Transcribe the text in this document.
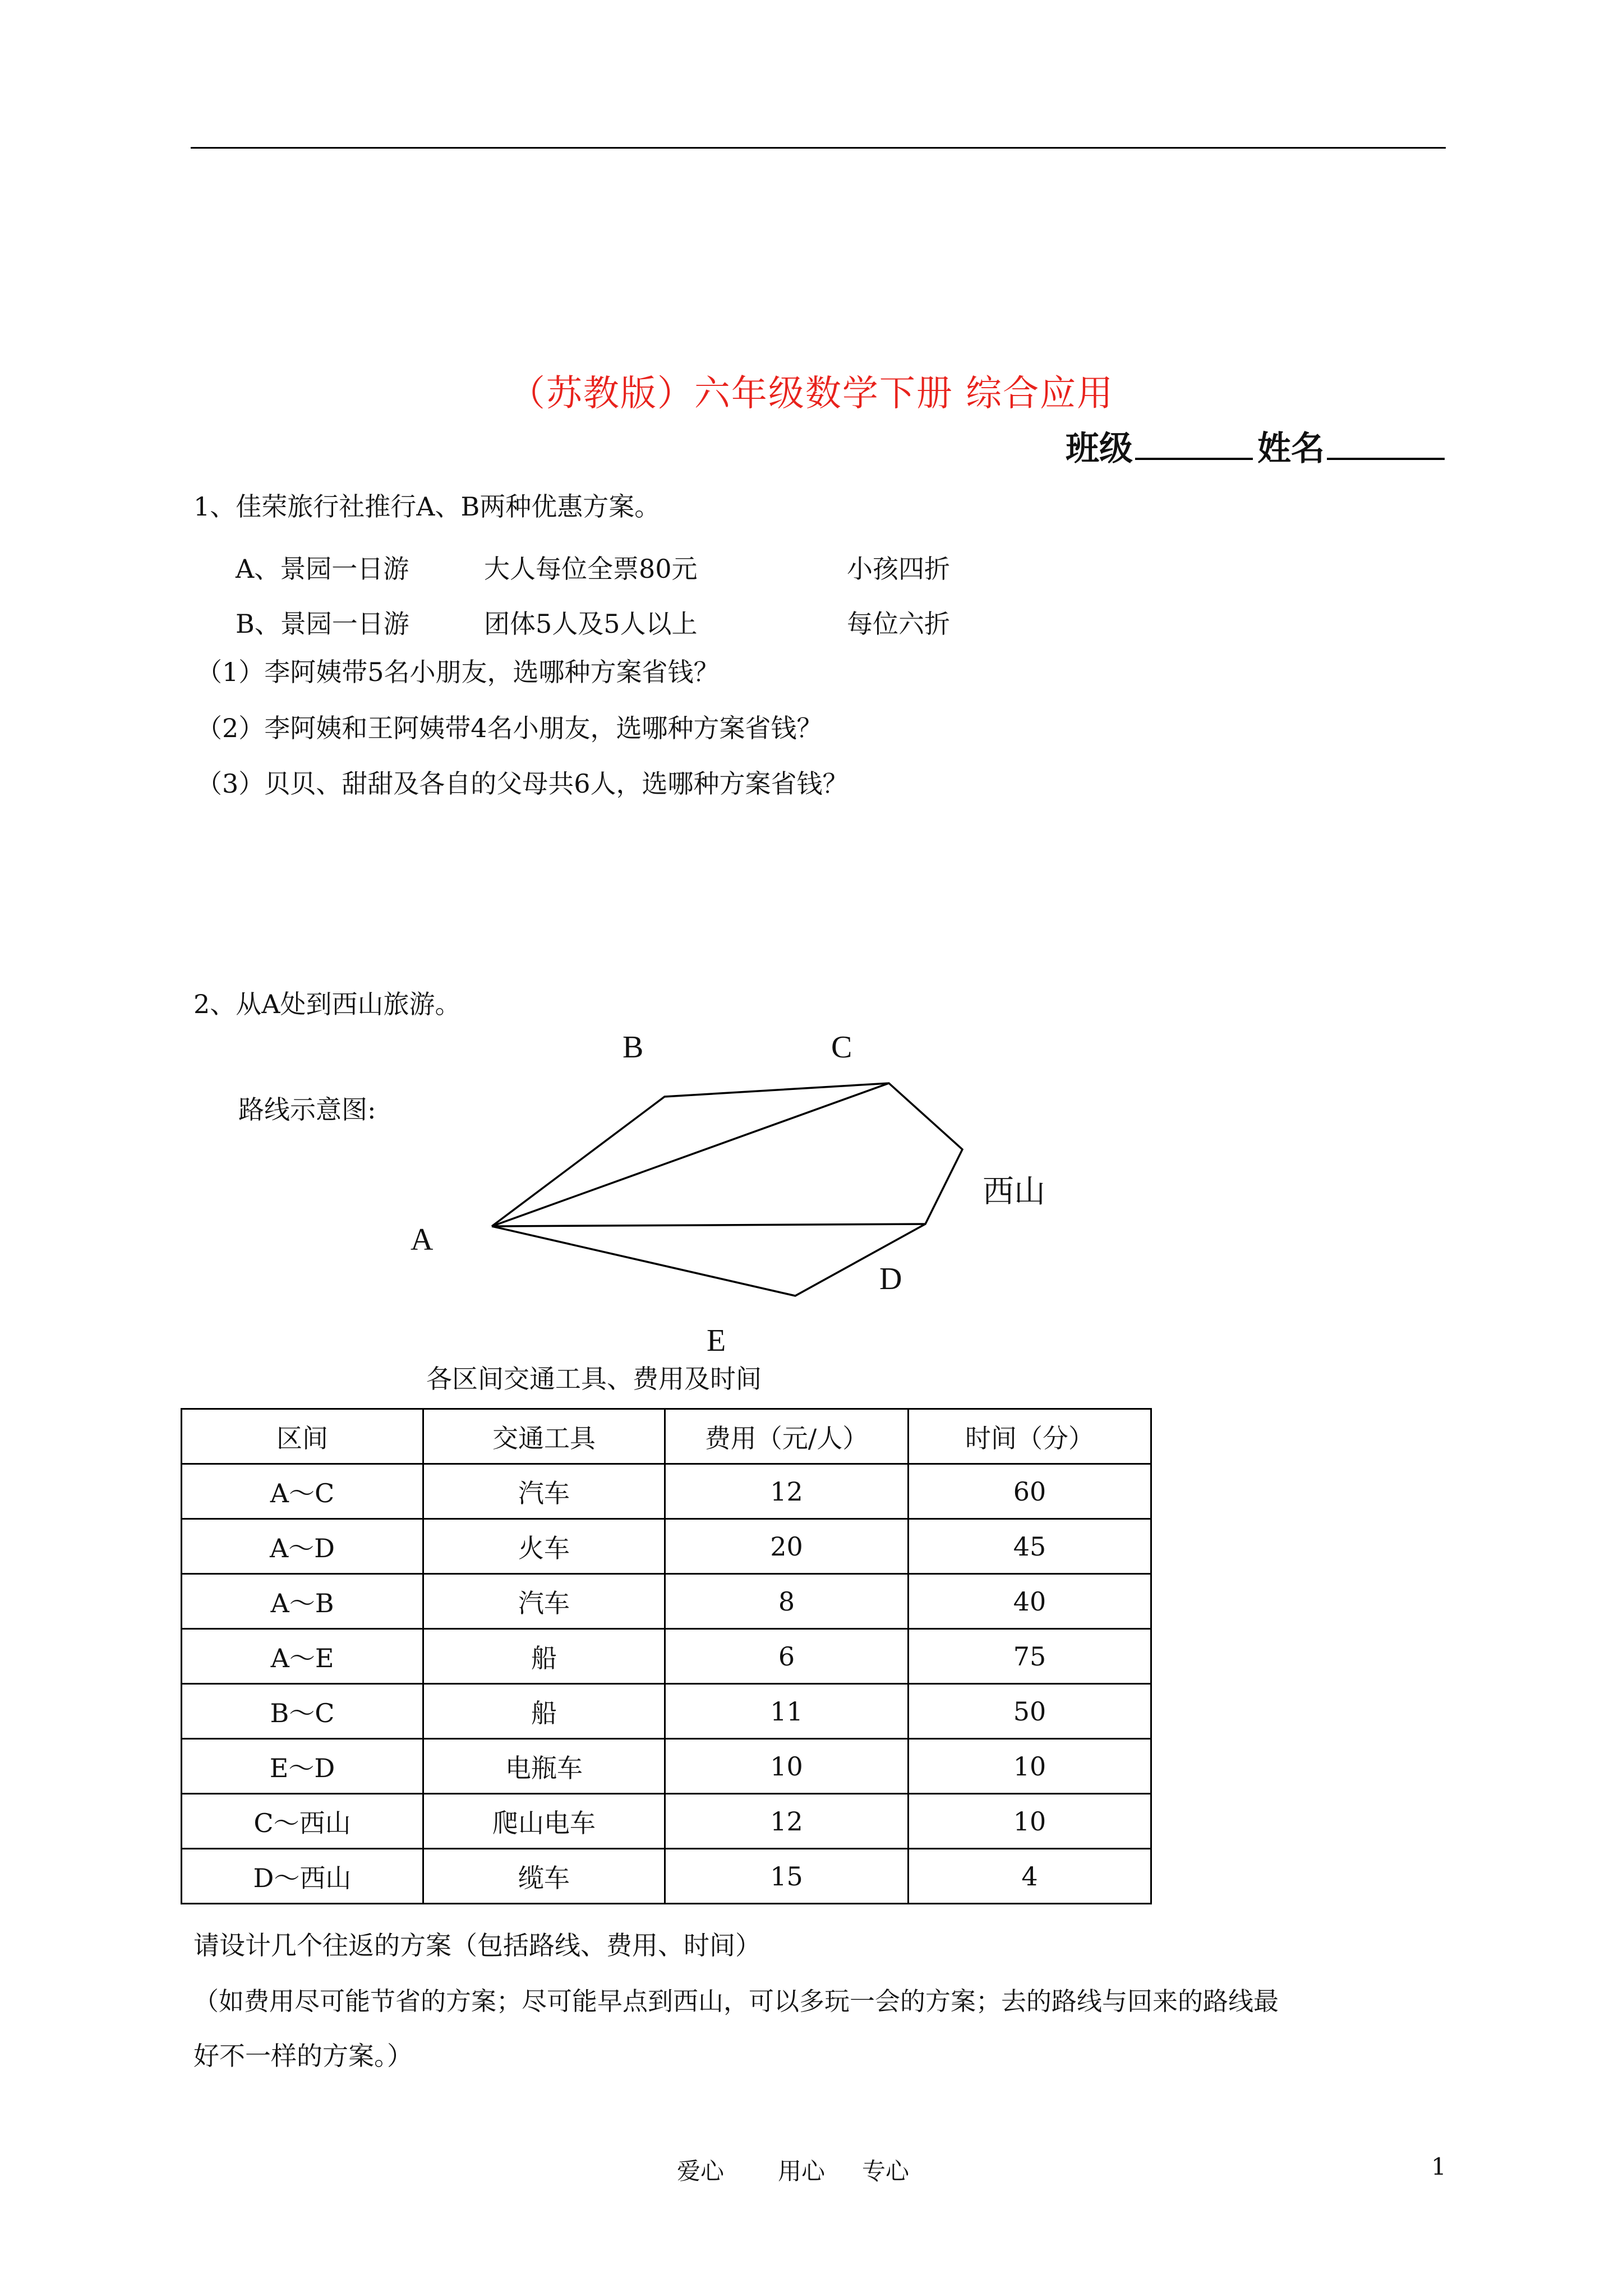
（苏教版）六年级数学下册 综合应用
班级	姓名
1、佳荣旅行社推行A、B两种优惠方案。
A、景园一日游	大人每位全票80元	小孩四折
B、景园一日游	团体5人及5人以上	每位六折
（1）李阿姨带5名小朋友，选哪种方案省钱？
（2）李阿姨和王阿姨带4名小朋友，选哪种方案省钱？
（3）贝贝、甜甜及各自的父母共6人，选哪种方案省钱？
2、从A处到西山旅游。
路线示意图:
B	C
西山
A
D
E
各区间交通工具、费用及时间
区间	交通工具	费用（元/人）	时间（分）
A～C	汽车	12	60
A～D	火车	20	45
A～B	汽车	8	40
A～E	船	6	75
B～C	船	11	50
E～D	电瓶车	10	10
C～西山	爬山电车	12	10
D～西山	缆车	15	4
请设计几个往返的方案（包括路线、费用、时间）
（如费用尽可能节省的方案；尽可能早点到西山，可以多玩一会的方案；去的路线与回来的路线最
好不一样的方案。）
爱心 用心 专心	1
